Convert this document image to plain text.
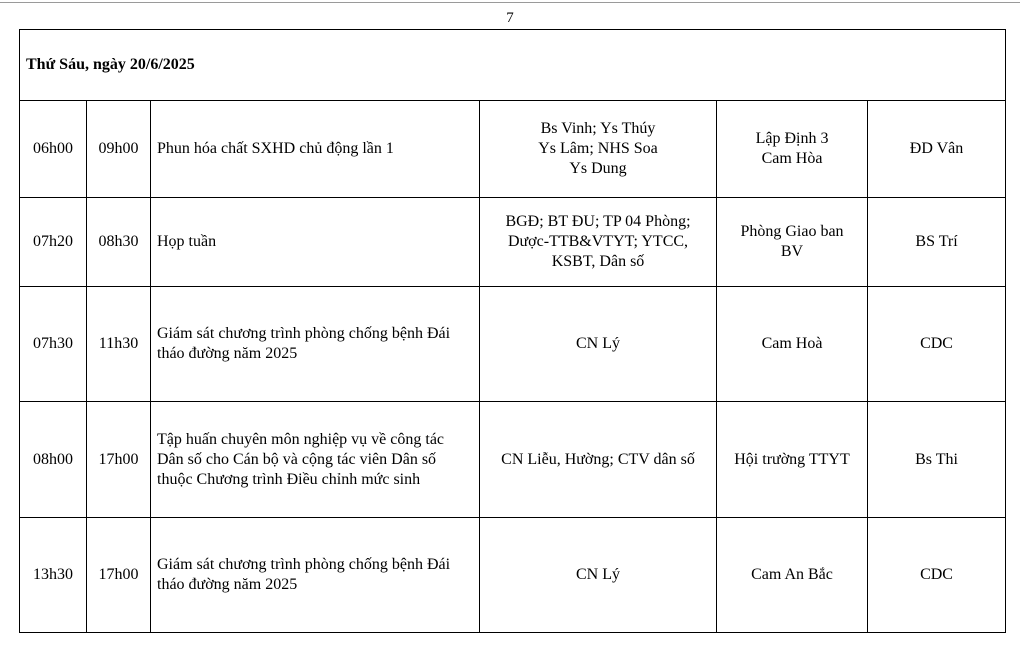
7
Thứ Sáu, ngày 20/6/2025					
06h00	09h00	Phun hóa chất SXHD chủ động lần 1	Bs Vinh; Ys Thúy
Ys Lâm; NHS Soa
Ys Dung	Lập Định 3
Cam Hòa	ĐD Vân
07h20	08h30	Họp tuần	BGĐ; BT ĐU; TP 04 Phòng;
Dược-TTB&VTYT; YTCC,
KSBT, Dân số	Phòng Giao ban
BV	BS Trí
07h30	11h30	Giám sát chương trình phòng chống bệnh Đái
tháo đường năm 2025	CN Lý	Cam Hoà	CDC
08h00	17h00	Tập huấn chuyên môn nghiệp vụ về công tác
Dân số cho Cán bộ và cộng tác viên Dân số
thuộc Chương trình Điều chỉnh mức sinh	CN Liễu, Hường; CTV dân số	Hội trường TTYT	Bs Thi
13h30	17h00	Giám sát chương trình phòng chống bệnh Đái
tháo đường năm 2025	CN Lý	Cam An Bắc	CDC
